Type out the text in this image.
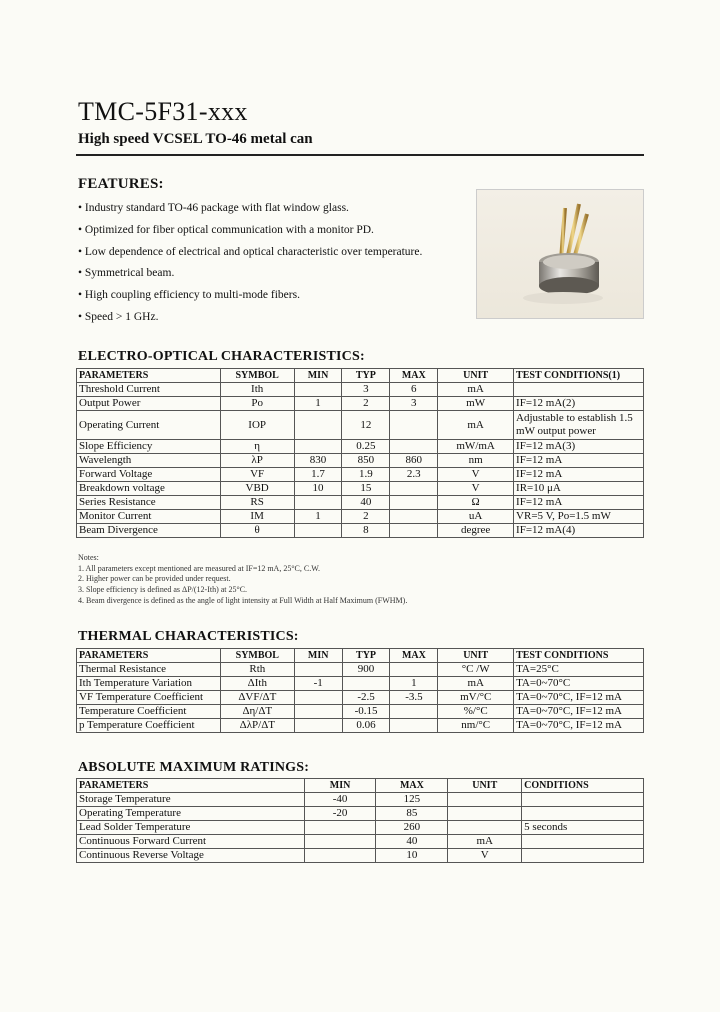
TMC-5F31-xxx
High speed VCSEL TO-46 metal can
FEATURES:
• Industry standard TO-46 package with flat window glass.
• Optimized for fiber optical communication with a monitor PD.
• Low dependence of electrical and optical characteristic over temperature.
• Symmetrical beam.
• High coupling efficiency to multi-mode fibers.
• Speed > 1 GHz.
ELECTRO-OPTICAL CHARACTERISTICS:
PARAMETERS	SYMBOL	MIN	TYP	MAX	UNIT	TEST CONDITIONS(1)
Threshold Current	Ith		3	6	mA	
Output Power	Po	1	2	3	mW	IF=12 mA(2)
Operating Current	IOP		12		mA	Adjustable to establish 1.5 mW output power
Slope Efficiency	η		0.25		mW/mA	IF=12 mA(3)
Wavelength	λP	830	850	860	nm	IF=12 mA
Forward Voltage	VF	1.7	1.9	2.3	V	IF=12 mA
Breakdown voltage	VBD	10	15		V	IR=10 μA
Series Resistance	RS		40		Ω	IF=12 mA
Monitor Current	IM	1	2		uA	VR=5 V, Po=1.5 mW
Beam Divergence	θ		8		degree	IF=12 mA(4)
Notes:
1. All parameters except mentioned are measured at IF=12 mA, 25°C, C.W.
2. Higher power can be provided under request.
3. Slope efficiency is defined as ΔP/(12-Ith) at 25°C.
4. Beam divergence is defined as the angle of light intensity at Full Width at Half Maximum (FWHM).
THERMAL CHARACTERISTICS:
PARAMETERS	SYMBOL	MIN	TYP	MAX	UNIT	TEST CONDITIONS
Thermal Resistance	Rth		900		°C /W	TA=25°C
Ith Temperature Variation	ΔIth	-1		1	mA	TA=0~70°C
VF Temperature Coefficient	ΔVF/ΔT		-2.5	-3.5	mV/°C	TA=0~70°C, IF=12 mA
Temperature Coefficient	Δη/ΔT		-0.15		%/°C	TA=0~70°C, IF=12 mA
p Temperature Coefficient	ΔλP/ΔT		0.06		nm/°C	TA=0~70°C, IF=12 mA
ABSOLUTE MAXIMUM RATINGS:
PARAMETERS	MIN	MAX	UNIT	CONDITIONS
Storage Temperature	-40	125		
Operating Temperature	-20	85		
Lead Solder Temperature		260		5 seconds
Continuous Forward Current		40	mA	
Continuous Reverse Voltage		10	V	
